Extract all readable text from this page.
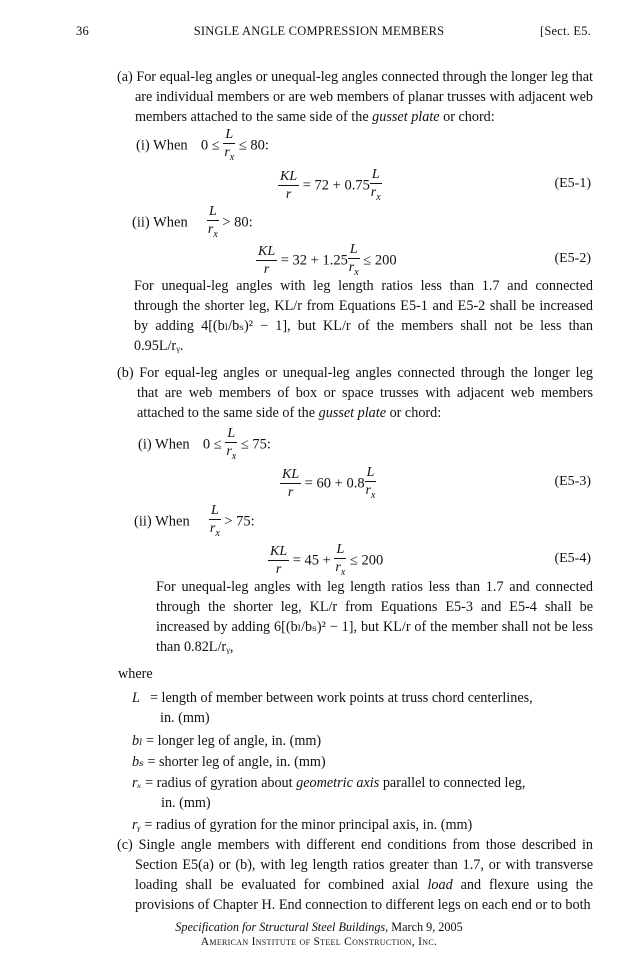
36	SINGLE ANGLE COMPRESSION MEMBERS	[Sect. E5.
(a) For equal-leg angles or unequal-leg angles connected through the longer leg that are individual members or are web members of planar trusses with adjacent web members attached to the same side of the gusset plate or chord:
(i) When $0 \le \frac{L}{r_x} \le 80$:
$\frac{KL}{r} = 72 + 0.75 \frac{L}{r_x}$	(E5-1)
(ii) When $\frac{L}{r_x} > 80$:
$\frac{KL}{r} = 32 + 1.25 \frac{L}{r_x} \le 200$	(E5-2)
For unequal-leg angles with leg length ratios less than 1.7 and connected through the shorter leg, KL/r from Equations E5-1 and E5-2 shall be increased by adding 4[(bₗ/bₛ)² − 1], but KL/r of the members shall not be less than 0.95L/rᵧ.
(b) For equal-leg angles or unequal-leg angles connected through the longer leg that are web members of box or space trusses with adjacent web members attached to the same side of the gusset plate or chord:
(i) When $0 \le \frac{L}{r_x} \le 75$:
$\frac{KL}{r} = 60 + 0.8 \frac{L}{r_x}$	(E5-3)
(ii) When $\frac{L}{r_x} > 75$:
$\frac{KL}{r} = 45 + \frac{L}{r_x} \le 200$	(E5-4)
For unequal-leg angles with leg length ratios less than 1.7 and connected through the shorter leg, KL/r from Equations E5-3 and E5-4 shall be increased by adding 6[(bₗ/bₛ)² − 1], but KL/r of the member shall not be less than 0.82L/rᵧ,
where
L = length of member between work points at truss chord centerlines,
in. (mm)
bₗ = longer leg of angle, in. (mm)
bₛ = shorter leg of angle, in. (mm)
rₓ = radius of gyration about geometric axis parallel to connected leg,
in. (mm)
rᵧ = radius of gyration for the minor principal axis, in. (mm)
(c) Single angle members with different end conditions from those described in Section E5(a) or (b), with leg length ratios greater than 1.7, or with transverse loading shall be evaluated for combined axial load and flexure using the provisions of Chapter H. End connection to different legs on each end or to both
Specification for Structural Steel Buildings, March 9, 2005
American Institute of Steel Construction, Inc.
